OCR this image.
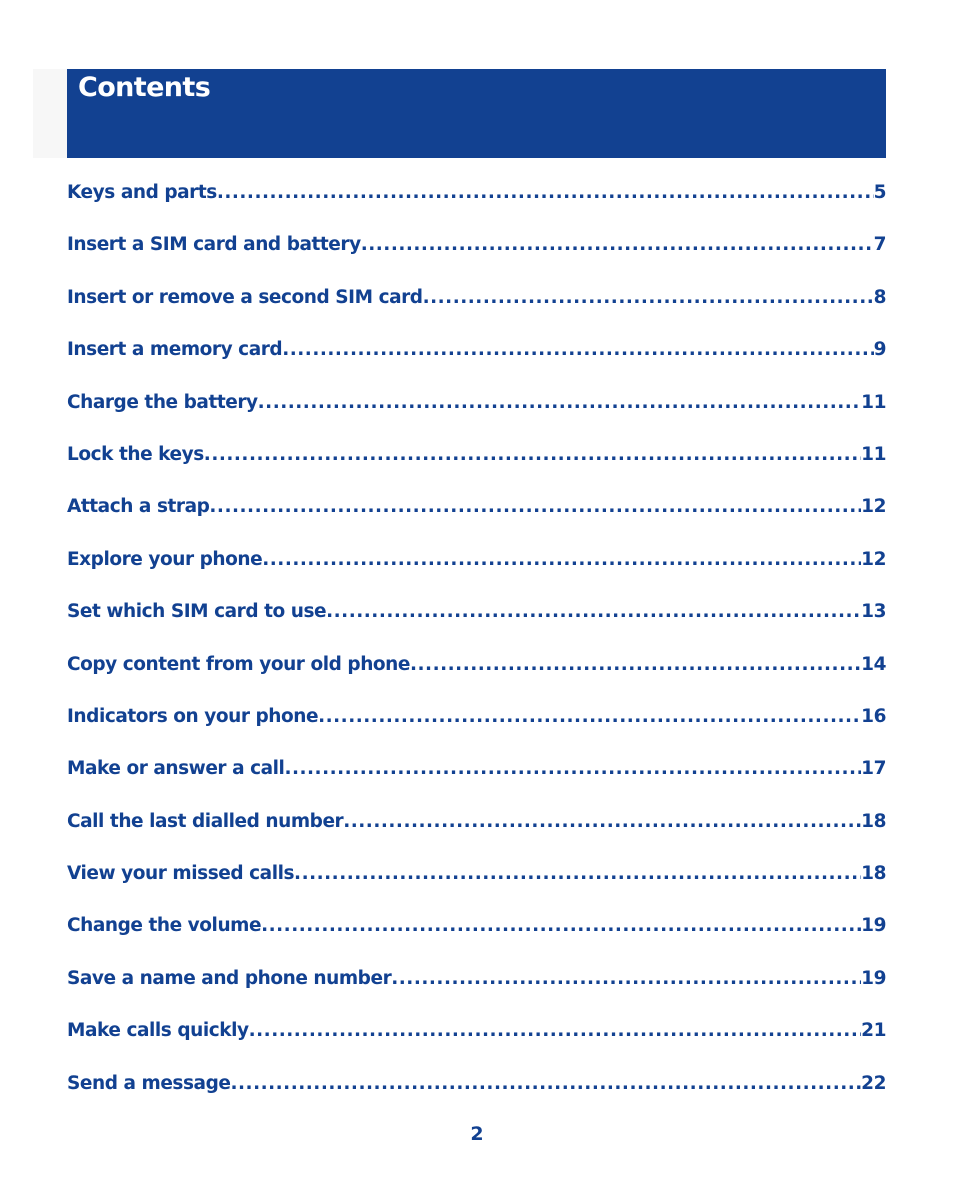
Contents
Keys and parts .....	5
Insert a SIM card and battery .....	7
Insert or remove a second SIM card .....	8
Insert a memory card .....	9
Charge the battery .....	11
Lock the keys .....	11
Attach a strap .....	12
Explore your phone .....	12
Set which SIM card to use .....	13
Copy content from your old phone .....	14
Indicators on your phone .....	16
Make or answer a call .....	17
Call the last dialled number .....	18
View your missed calls .....	18
Change the volume .....	19
Save a name and phone number .....	19
Make calls quickly .....	21
Send a message .....	22
2
